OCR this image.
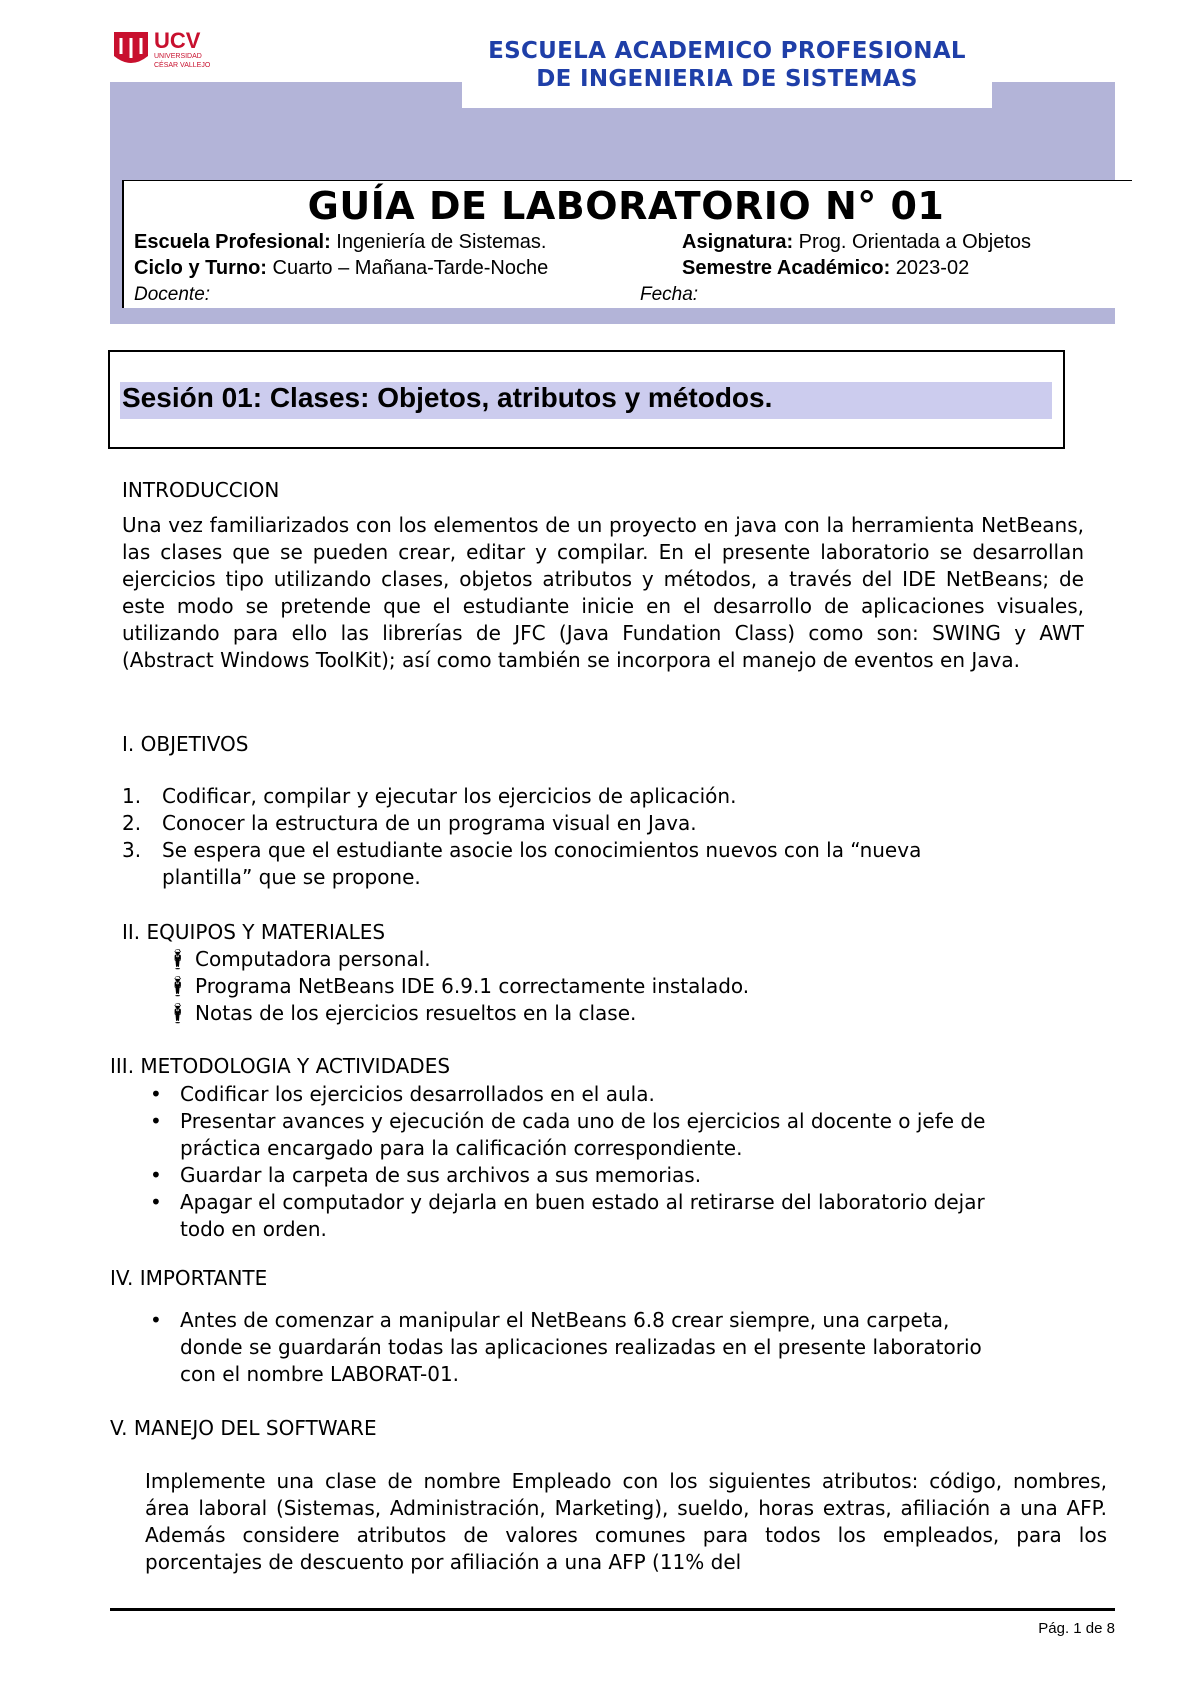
UCV
UNIVERSIDAD
CÉSAR VALLEJO
ESCUELA ACADEMICO PROFESIONAL
DE INGENIERIA DE SISTEMAS
GUÍA DE LABORATORIO N° 01
Escuela Profesional: Ingeniería de Sistemas.	Asignatura: Prog. Orientada a Objetos
Ciclo y Turno: Cuarto – Mañana-Tarde-Noche	Semestre Académico: 2023-02
Docente:	Fecha:
Sesión 01: Clases: Objetos, atributos y métodos.
INTRODUCCION
Una vez familiarizados con los elementos de un proyecto en java con la herramienta NetBeans, las clases que se pueden crear, editar y compilar. En el presente laboratorio se desarrollan ejercicios tipo utilizando clases, objetos atributos y métodos, a través del IDE NetBeans; de este modo se pretende que el estudiante inicie en el desarrollo de aplicaciones visuales, utilizando para ello las librerías de JFC (Java Fundation Class) como son: SWING y AWT (Abstract Windows ToolKit); así como también se incorpora el manejo de eventos en Java.
I. OBJETIVOS
1. Codificar, compilar y ejecutar los ejercicios de aplicación.
2. Conocer la estructura de un programa visual en Java.
3. Se espera que el estudiante asocie los conocimientos nuevos con la “nueva
plantilla” que se propone.
II. EQUIPOS Y MATERIALES
🕴︎ Computadora personal.
🕴︎ Programa NetBeans IDE 6.9.1 correctamente instalado.
🕴︎ Notas de los ejercicios resueltos en la clase.
III. METODOLOGIA Y ACTIVIDADES
• Codificar los ejercicios desarrollados en el aula.
• Presentar avances y ejecución de cada uno de los ejercicios al docente o jefe de
práctica encargado para la calificación correspondiente.
• Guardar la carpeta de sus archivos a sus memorias.
• Apagar el computador y dejarla en buen estado al retirarse del laboratorio dejar
todo en orden.
IV. IMPORTANTE
• Antes de comenzar a manipular el NetBeans 6.8 crear siempre, una carpeta,
donde se guardarán todas las aplicaciones realizadas en el presente laboratorio
con el nombre LABORAT-01.
V. MANEJO DEL SOFTWARE
Implemente una clase de nombre Empleado con los siguientes atributos: código, nombres, área laboral (Sistemas, Administración, Marketing), sueldo, horas extras, afiliación a una AFP. Además considere atributos de valores comunes para todos los empleados, para los porcentajes de descuento por afiliación a una AFP (11% del
Pág. 1 de 8
